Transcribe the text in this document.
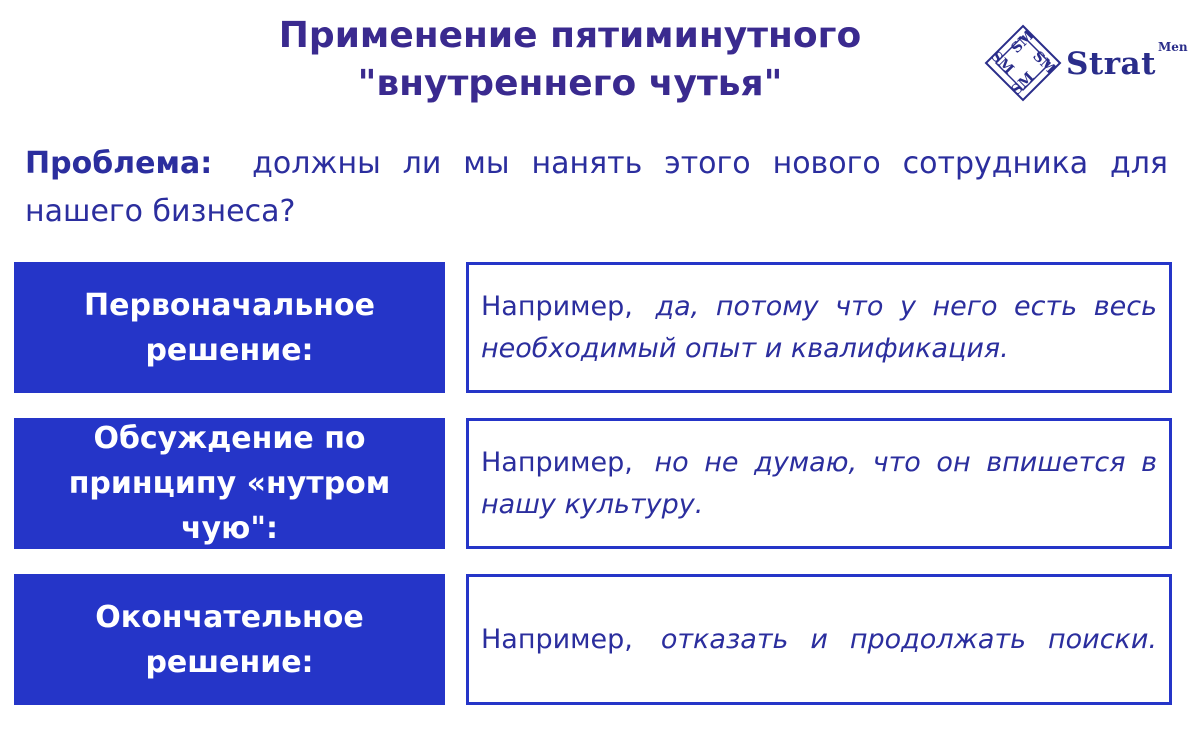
Применение пятиминутного
"внутреннего чутья"
SM
SM
SM SM Strat Men

Проблема: должны ли мы нанять этого нового сотрудника для нашего бизнеса?

Первоначальное решение:
Например, да, потому что у него есть весь необходимый опыт и квалификация.
Обсуждение по принципу «нутром чую":
Например, но не думаю, что он впишется в нашу культуру.
Окончательное решение:
Например, отказать и продолжать поиски.
